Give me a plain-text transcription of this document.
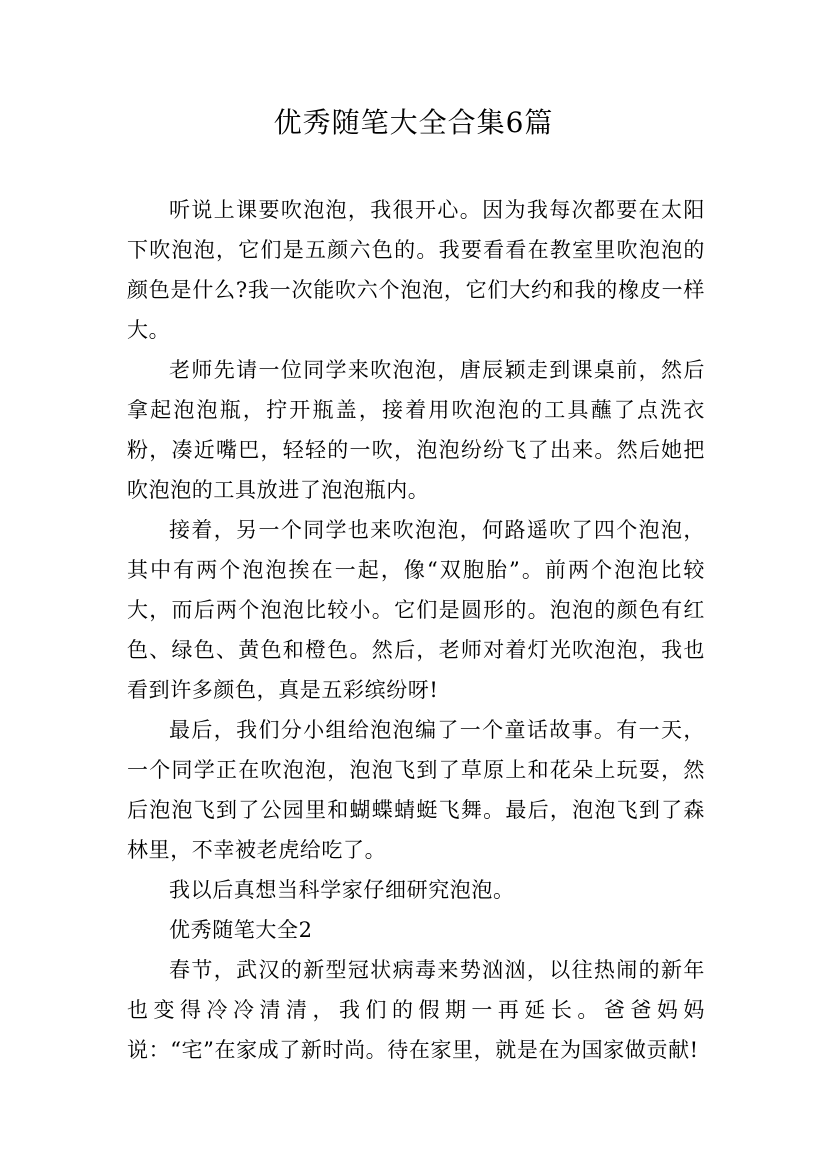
优秀随笔大全合集6篇

听说上课要吹泡泡，我很开心。因为我每次都要在太阳下吹泡泡，它们是五颜六色的。我要看看在教室里吹泡泡的颜色是什么?我一次能吹六个泡泡，它们大约和我的橡皮一样大。

老师先请一位同学来吹泡泡，唐辰颖走到课桌前，然后拿起泡泡瓶，拧开瓶盖，接着用吹泡泡的工具蘸了点洗衣粉，凑近嘴巴，轻轻的一吹，泡泡纷纷飞了出来。然后她把吹泡泡的工具放进了泡泡瓶内。

接着，另一个同学也来吹泡泡，何路遥吹了四个泡泡，其中有两个泡泡挨在一起，像“双胞胎”。前两个泡泡比较大，而后两个泡泡比较小。它们是圆形的。泡泡的颜色有红色、绿色、黄色和橙色。然后，老师对着灯光吹泡泡，我也看到许多颜色，真是五彩缤纷呀!

最后，我们分小组给泡泡编了一个童话故事。有一天，一个同学正在吹泡泡，泡泡飞到了草原上和花朵上玩耍，然后泡泡飞到了公园里和蝴蝶蜻蜓飞舞。最后，泡泡飞到了森林里，不幸被老虎给吃了。

我以后真想当科学家仔细研究泡泡。

优秀随笔大全2

春节，武汉的新型冠状病毒来势汹汹，以往热闹的新年也变得冷冷清清，我们的假期一再延长。爸爸妈妈说：“宅”在家成了新时尚。待在家里，就是在为国家做贡献!
